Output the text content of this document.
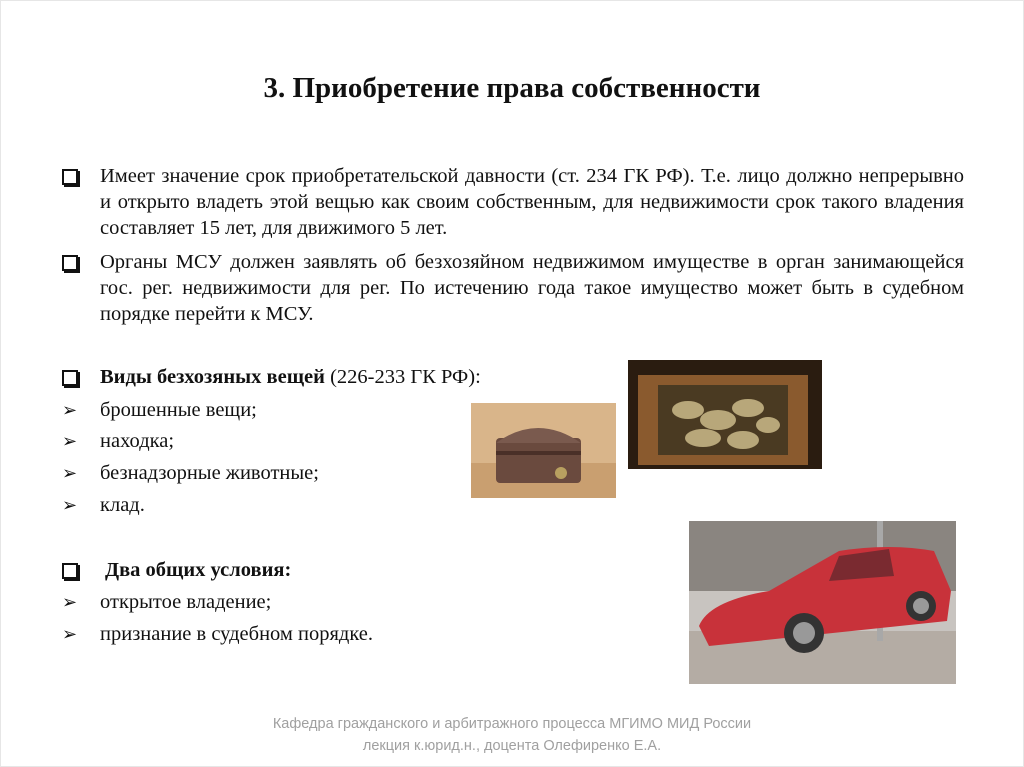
3. Приобретение права собственности
Имеет значение срок приобретательской давности (ст. 234 ГК РФ). Т.е. лицо должно непрерывно и открыто владеть этой вещью как своим собственным, для недвижимости срок такого владения составляет 15 лет, для движимого 5 лет.
Органы МСУ должен заявлять об безхозяйном недвижимом имуществе в орган занимающейся гос. рег. недвижимости для рег. По истечению года такое имущество может быть в судебном порядке перейти к МСУ.
Виды безхозяных вещей (226-233 ГК РФ):
➢ брошенные вещи;
➢ находка;
➢ безнадзорные животные;
➢ клад.
Два общих условия:
➢ открытое владение;
➢ признание в судебном порядке.
Кафедра гражданского и арбитражного процесса МГИМО МИД России
лекция к.юрид.н., доцента Олефиренко Е.А.
